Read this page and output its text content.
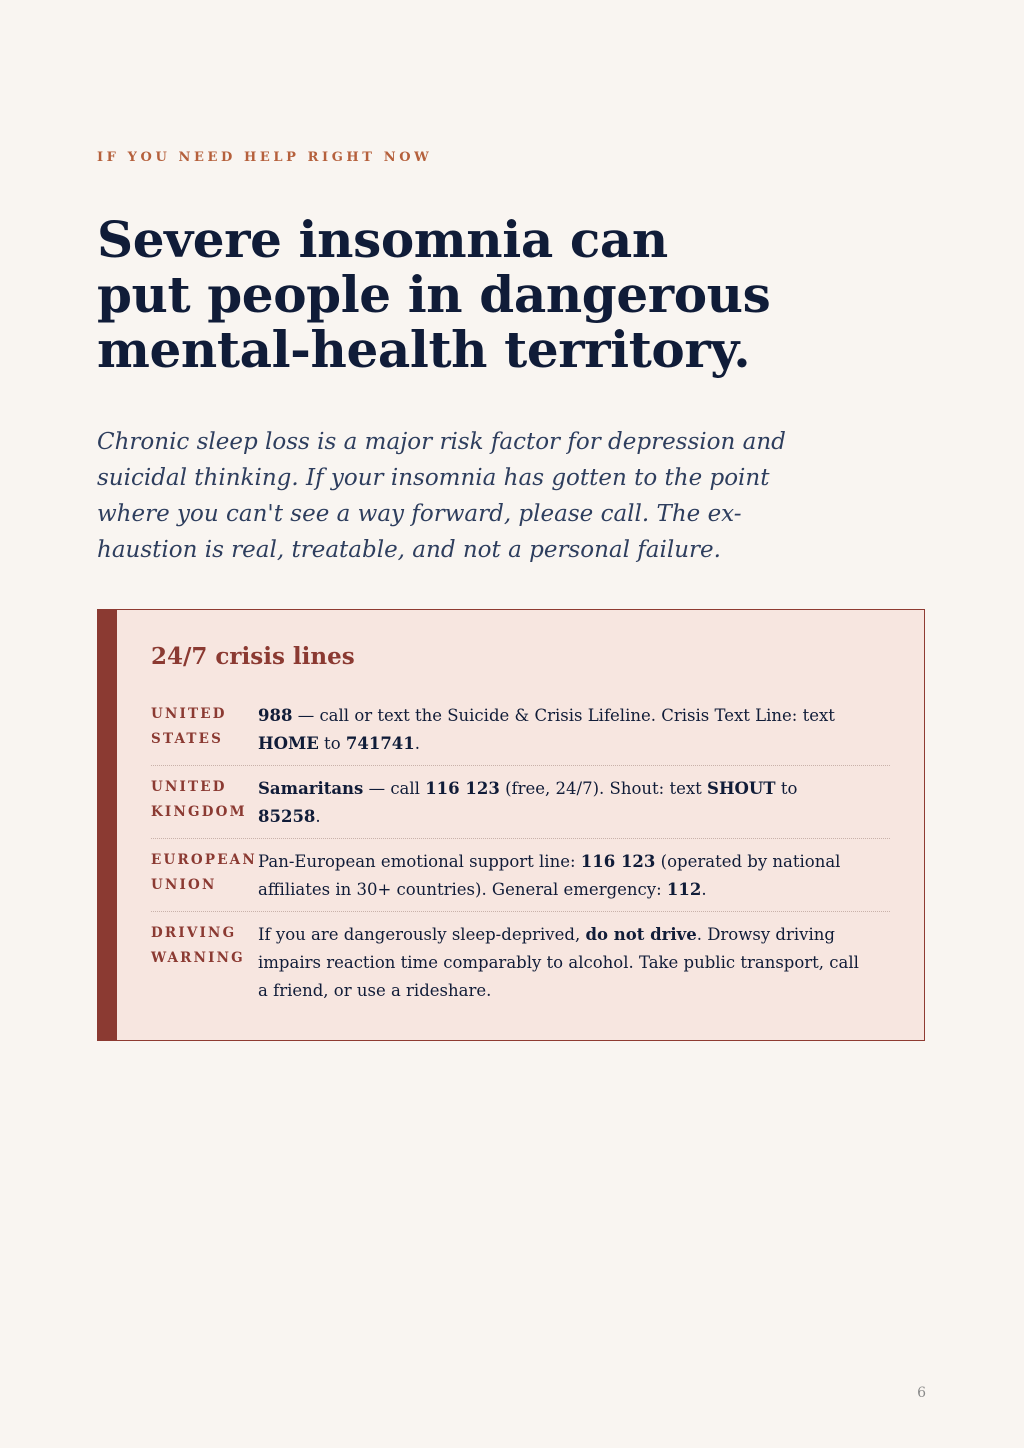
IF YOU NEED HELP RIGHT NOW
Severe insomnia can
put people in dangerous
mental-health territory.

Chronic sleep loss is a major risk factor for depression and
suicidal thinking. If your insomnia has gotten to the point
where you can't see a way forward, please call. The ex-
haustion is real, treatable, and not a personal failure.

24/7 crisis lines
UNITED
STATES
988 — call or text the Suicide & Crisis Lifeline. Crisis Text Line: text
HOME to 741741.
UNITED
KINGDOM
Samaritans — call 116 123 (free, 24/7). Shout: text SHOUT to
85258.
EUROPEAN
UNION
Pan-European emotional support line: 116 123 (operated by national
affiliates in 30+ countries). General emergency: 112.
DRIVING
WARNING
If you are dangerously sleep-deprived, do not drive. Drowsy driving
impairs reaction time comparably to alcohol. Take public transport, call
a friend, or use a rideshare.
6
